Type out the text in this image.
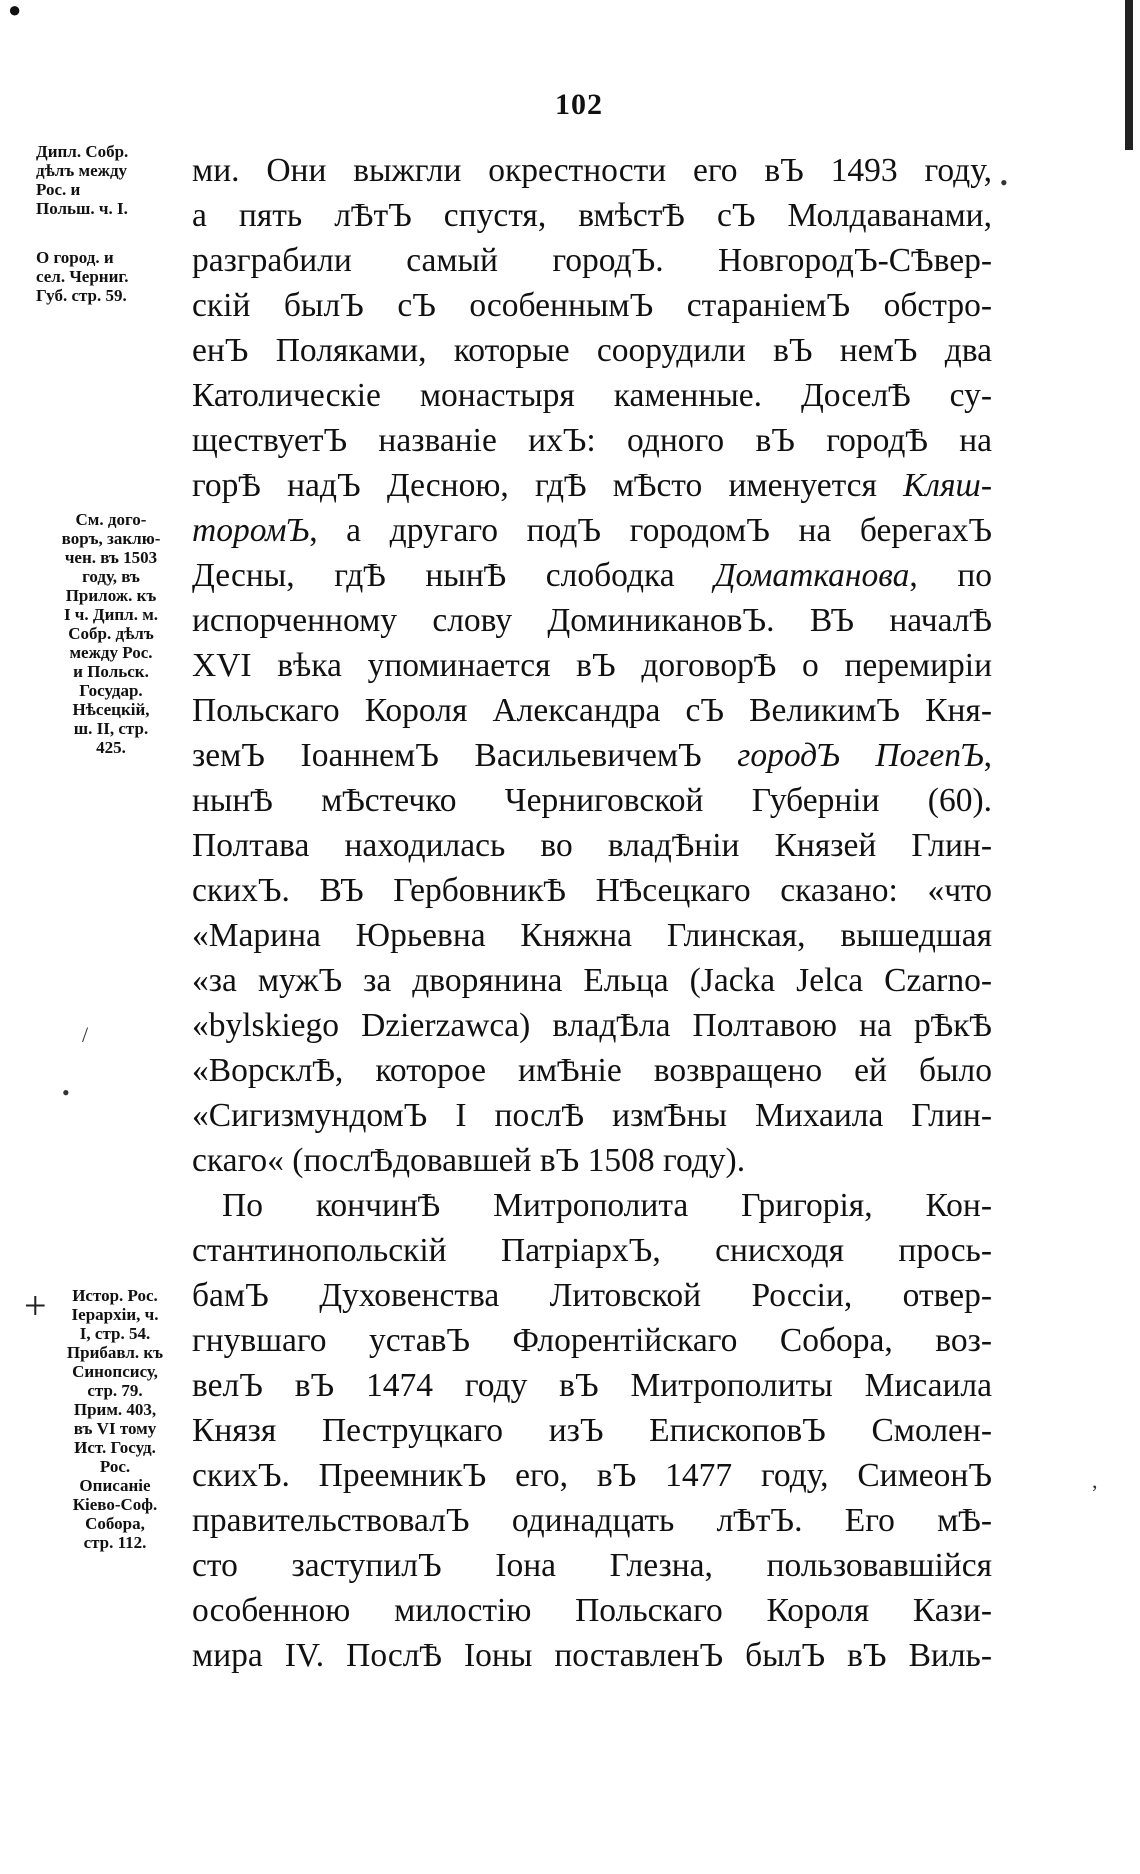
●
102
ми. Они выжгли окрестности его вЪ 1493 году,
а пять лѢтЪ спустя, вмѣстѢ сЪ Молдаванами,
разграбили самый городЪ. НовгородЪ-СѢвер-
скій былЪ сЪ особеннымЪ стараніемЪ обстро-
енЪ Поляками, которые соорудили вЪ немЪ два
Католическіе монастыря каменные. ДоселѢ су-
ществуетЪ названіе ихЪ: одного вЪ городѢ на
горѢ надЪ Десною, гдѢ мѢсто именуется Кляш-
торомЪ, а другаго подЪ городомЪ на берегахЪ
Десны, гдѢ нынѢ слободка Доматканова, по
испорченному слову ДоминикановЪ. ВЪ началѢ
XVI вѣка упоминается вЪ договорѢ о перемиріи
Польскаго Короля Александра сЪ ВеликимЪ Кня-
земЪ ІоаннемЪ ВасильевичемЪ городЪ ПогепЪ,
нынѢ мѢстечко Черниговской Губерніи (60).
Полтава находилась во владѢніи Князей Глин-
скихЪ. ВЪ ГербовникѢ НѢсецкаго сказано: «что
«Марина Юрьевна Княжна Глинская, вышедшая
«за мужЪ за дворянина Ельца (Jacka Jelca Czarno-
«bylskiego Dzierzawca) владѢла Полтавою на рѢкѢ
«ВорсклѢ, которое имѢніе возвращено ей было
«СигизмундомЪ I послѢ измѢны Михаила Глин-
скаго« (послѢдовавшей вЪ 1508 году).
По кончинѢ Митрополита Григорія, Кон-
стантинопольскій ПатріархЪ, снисходя прось-
бамЪ Духовенства Литовской Россіи, отвер-
гнувшаго уставЪ Флорентійскаго Собора, воз-
велЪ вЪ 1474 году вЪ Митрополиты Мисаила
Князя Пеструцкаго изЪ ЕпископовЪ Смолен-
скихЪ. ПреемникЪ его, вЪ 1477 году, СимеонЪ
правительствовалЪ одинадцать лѢтЪ. Его мѢ-
сто заступилЪ Іона Глезна, пользовавшійся
особенною милостію Польскаго Короля Кази-
мира IV. ПослѢ Іоны поставленЪ былЪ вЪ Виль-
Дипл. Собр.
дѣлъ между
Рос. и
Польш. ч. I.
О город. и
сел. Черниг.
Губ. стр. 59.
См. дого-
воръ, заклю-
чен. въ 1503
году, въ
Прилож. къ
I ч. Дипл. м.
Собр. дѣлъ
между Рос.
и Польск.
Государ.
Нѣсецкій,
ш. II, стр.
425.
Истор. Рос.
Іерархіи, ч.
I, стр. 54.
Прибавл. къ
Синопсису,
стр. 79.
Прим. 403,
въ VI тому
Ист. Госуд.
Рос.
Описаніе
Кіево-Соф.
Собора,
стр. 112.
+
/
•
,
•
